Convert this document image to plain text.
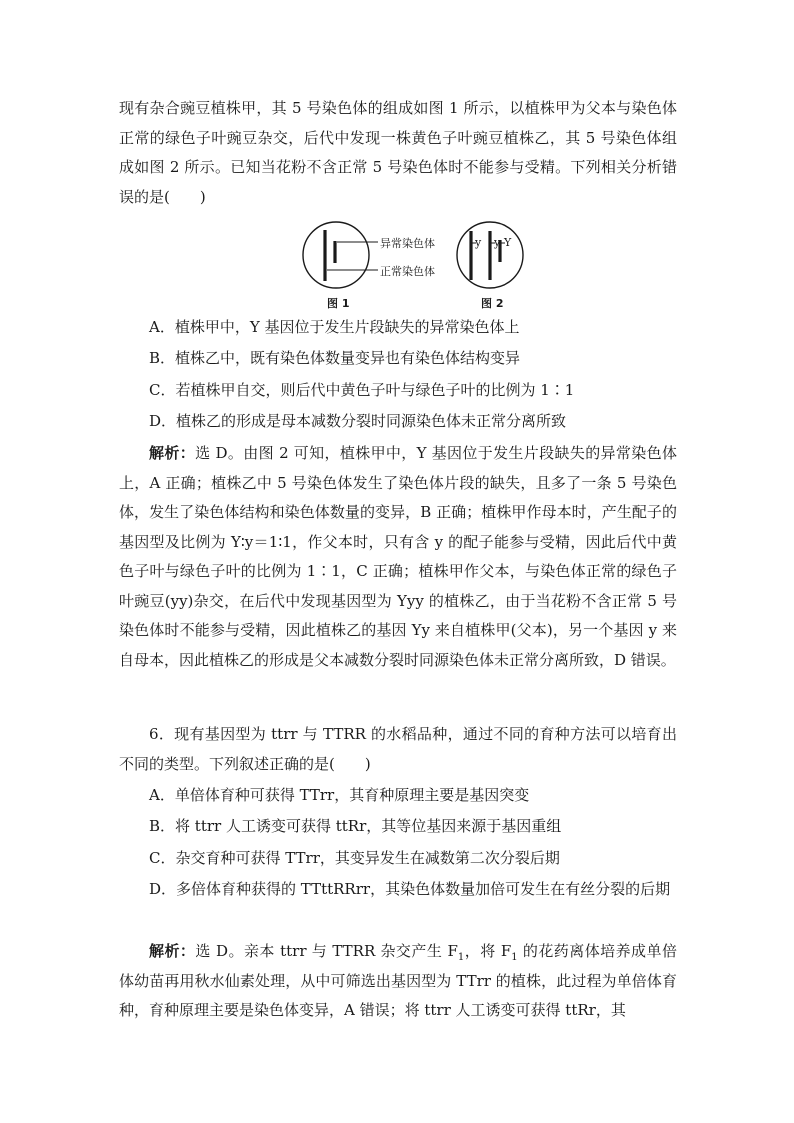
现有杂合豌豆植株甲，其 5 号染色体的组成如图 1 所示，以植株甲为父本与染色体正常的绿色子叶豌豆杂交，后代中发现一株黄色子叶豌豆植株乙，其 5 号染色体组成如图 2 所示。已知当花粉不含正常 5 号染色体时不能参与受精。下列相关分析错误的是(　　)
A．植株甲中，Y 基因位于发生片段缺失的异常染色体上
B．植株乙中，既有染色体数量变异也有染色体结构变异
C．若植株甲自交，则后代中黄色子叶与绿色子叶的比例为 1∶1
D．植株乙的形成是母本减数分裂时同源染色体未正常分离所致
解析：选 D。由图 2 可知，植株甲中，Y 基因位于发生片段缺失的异常染色体上，A 正确；植株乙中 5 号染色体发生了染色体片段的缺失，且多了一条 5 号染色体，发生了染色体结构和染色体数量的变异，B 正确；植株甲作母本时，产生配子的基因型及比例为 Y∶y＝1∶1，作父本时，只有含 y 的配子能参与受精，因此后代中黄色子叶与绿色子叶的比例为 1∶1，C 正确；植株甲作父本，与染色体正常的绿色子叶豌豆(yy)杂交，在后代中发现基因型为 Yyy 的植株乙，由于当花粉不含正常 5 号染色体时不能参与受精，因此植株乙的基因 Yy 来自植株甲(父本)，另一个基因 y 来自母本，因此植株乙的形成是父本减数分裂时同源染色体未正常分离所致，D 错误。
6．现有基因型为 ttrr 与 TTRR 的水稻品种，通过不同的育种方法可以培育出不同的类型。下列叙述正确的是(　　)
A．单倍体育种可获得 TTrr，其育种原理主要是基因突变
B．将 ttrr 人工诱变可获得 ttRr，其等位基因来源于基因重组
C．杂交育种可获得 TTrr，其变异发生在减数第二次分裂后期
D．多倍体育种获得的 TTttRRrr，其染色体数量加倍可发生在有丝分裂的后期
解析：选 D。亲本 ttrr 与 TTRR 杂交产生 $F_1$，将 $F_1$ 的花药离体培养成单倍体幼苗再用秋水仙素处理，从中可筛选出基因型为 TTrr 的植株，此过程为单倍体育种，育种原理主要是染色体变异，A 错误；将 ttrr 人工诱变可获得 ttRr，其
y y Y
异常染色体
正常染色体
图 1	图 2
